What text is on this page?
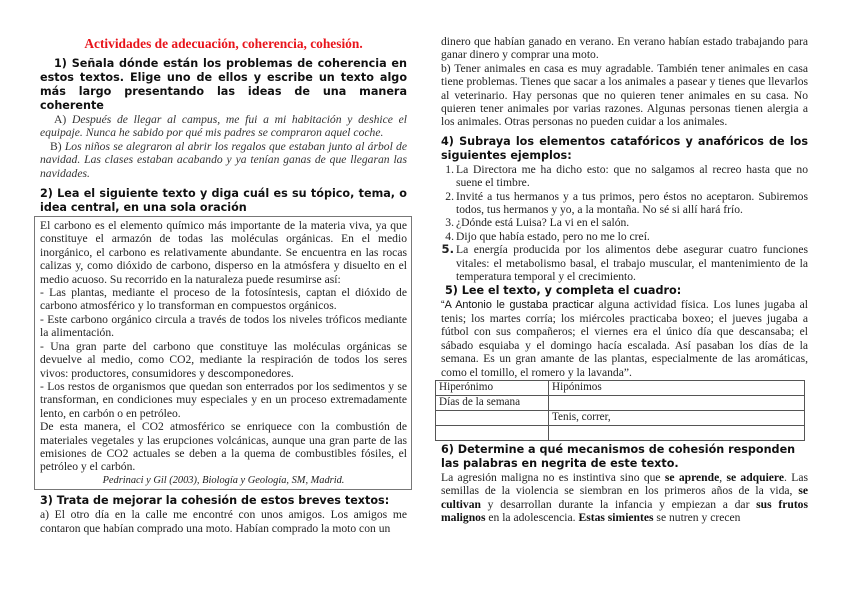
Actividades de adecuación, coherencia, cohesión.

1) Señala dónde están los problemas de coherencia en estos textos. Elige uno de ellos y escribe un texto algo más largo presentando las ideas de una manera coherente

A) Después de llegar al campus, me fui a mi habitación y deshice el equipaje. Nunca he sabido por qué mis padres se compraron aquel coche.

B) Los niños se alegraron al abrir los regalos que estaban junto al árbol de navidad. Las clases estaban acabando y ya tenían ganas de que llegaran las navidades.

2) Lea el siguiente texto y diga cuál es su tópico, tema, o idea central, en una sola oración

El carbono es el elemento químico más importante de la materia viva, ya que constituye el armazón de todas las moléculas orgánicas. En el medio inorgánico, el carbono es relativamente abundante. Se encuentra en las rocas calizas y, como dióxido de carbono, disperso en la atmósfera y disuelto en el medio acuoso. Su recorrido en la naturaleza puede resumirse así:

- Las plantas, mediante el proceso de la fotosíntesis, captan el dióxido de carbono atmosférico y lo transforman en compuestos orgánicos.

- Este carbono orgánico circula a través de todos los niveles tróficos mediante la alimentación.

- Una gran parte del carbono que constituye las moléculas orgánicas se devuelve al medio, como CO2, mediante la respiración de todos los seres vivos: productores, consumidores y descomponedores.

- Los restos de organismos que quedan son enterrados por los sedimentos y se transforman, en condiciones muy especiales y en un proceso extremadamente lento, en carbón o en petróleo.

De esta manera, el CO2 atmosférico se enriquece con la combustión de materiales vegetales y las erupciones volcánicas, aunque una gran parte de las emisiones de CO2 actuales se deben a la quema de combustibles fósiles, el petróleo y el carbón.

Pedrinaci y Gil (2003), Biología y Geología, SM, Madrid.

3) Trata de mejorar la cohesión de estos breves textos:

a) El otro día en la calle me encontré con unos amigos. Los amigos me contaron que habían comprado una moto. Habían comprado la moto con un

dinero que habían ganado en verano. En verano habían estado trabajando para ganar dinero y comprar una moto.

b) Tener animales en casa es muy agradable. También tener animales en casa tiene problemas. Tienes que sacar a los animales a pasear y tienes que llevarlos al veterinario. Hay personas que no quieren tener animales en su casa. No quieren tener animales por varias razones. Algunas personas tienen alergia a los animales. Otras personas no pueden cuidar a los animales.

4) Subraya los elementos catafóricos y anafóricos de los siguientes ejemplos:

1. La Directora me ha dicho esto: que no salgamos al recreo hasta que no suene el timbre.
2. Invité a tus hermanos y a tus primos, pero éstos no aceptaron. Subiremos todos, tus hermanos y yo, a la montaña. No sé si allí hará frío.
3. ¿Dónde está Luisa? La vi en el salón.
4. Dijo que había estado, pero no me lo creí.
5. La energía producida por los alimentos debe asegurar cuatro funciones vitales: el metabolismo basal, el trabajo muscular, el mantenimiento de la temperatura temporal y el crecimiento.

5) Lee el texto, y completa el cuadro:

“A Antonio le gustaba practicar alguna actividad física. Los lunes jugaba al tenis; los martes corría; los miércoles practicaba boxeo; el jueves jugaba a fútbol con sus compañeros; el viernes era el único día que descansaba; el sábado esquiaba y el domingo hacía escalada. Así pasaban los días de la semana. Es un gran amante de las plantas, especialmente de las aromáticas, como el tomillo, el romero y la lavanda”.

Hiperónimo	Hipónimos
Días de la semana	
	Tenis, correr,

6) Determine a qué mecanismos de cohesión responden las palabras en negrita de este texto.

La agresión maligna no es instintiva sino que se aprende, se adquiere. Las semillas de la violencia se siembran en los primeros años de la vida, se cultivan y desarrollan durante la infancia y empiezan a dar sus frutos malignos en la adolescencia. Estas simientes se nutren y crecen
